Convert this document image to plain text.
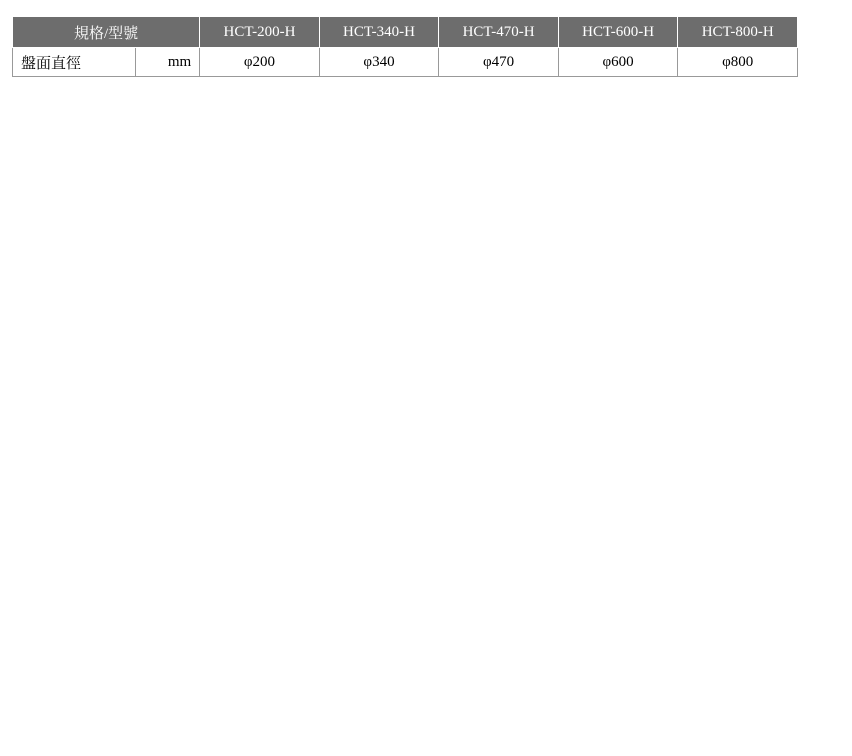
規格/型號		HCT-200-H	HCT-340-H	HCT-470-H	HCT-600-H	HCT-800-H
盤面直徑	mm	φ200	φ340	φ470	φ600	φ800
